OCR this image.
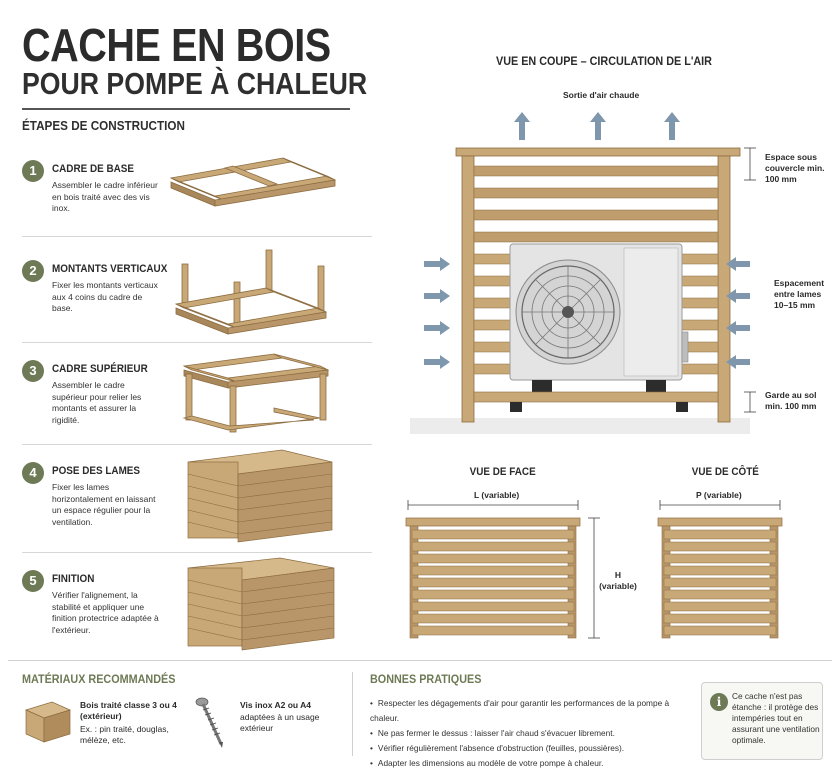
CACHE EN BOIS
POUR POMPE À CHALEUR
ÉTAPES DE CONSTRUCTION
1	CADRE DE BASE
Assembler le cadre inférieur en bois traité avec des vis inox.
2	MONTANTS VERTICAUX
Fixer les montants verticaux aux 4 coins du cadre de base.
3	CADRE SUPÉRIEUR
Assembler le cadre supérieur pour relier les montants et assurer la rigidité.
4	POSE DES LAMES
Fixer les lames horizontalement en laissant un espace régulier pour la ventilation.
5	FINITION
Vérifier l'alignement, la stabilité et appliquer une finition protectrice adaptée à l'extérieur.
VUE EN COUPE – CIRCULATION DE L'AIR
Sortie d'air chaude
Espace sous couvercle min. 100 mm
Espacement entre lames 10–15 mm
Garde au sol min. 100 mm
VUE DE FACE
L (variable)
H (variable)
VUE DE CÔTÉ
P (variable)
MATÉRIAUX RECOMMANDÉS
Bois traité classe 3 ou 4 (extérieur)
Ex. : pin traité, douglas, mélèze, etc.
Vis inox A2 ou A4
adaptées à un usage extérieur
BONNES PRATIQUES
• Respecter les dégagements d'air pour garantir les performances de la pompe à chaleur.
• Ne pas fermer le dessus : laisser l'air chaud s'évacuer librement.
• Vérifier régulièrement l'absence d'obstruction (feuilles, poussières).
• Adapter les dimensions au modèle de votre pompe à chaleur.
i	Ce cache n'est pas étanche : il protège des intempéries tout en assurant une ventilation optimale.
